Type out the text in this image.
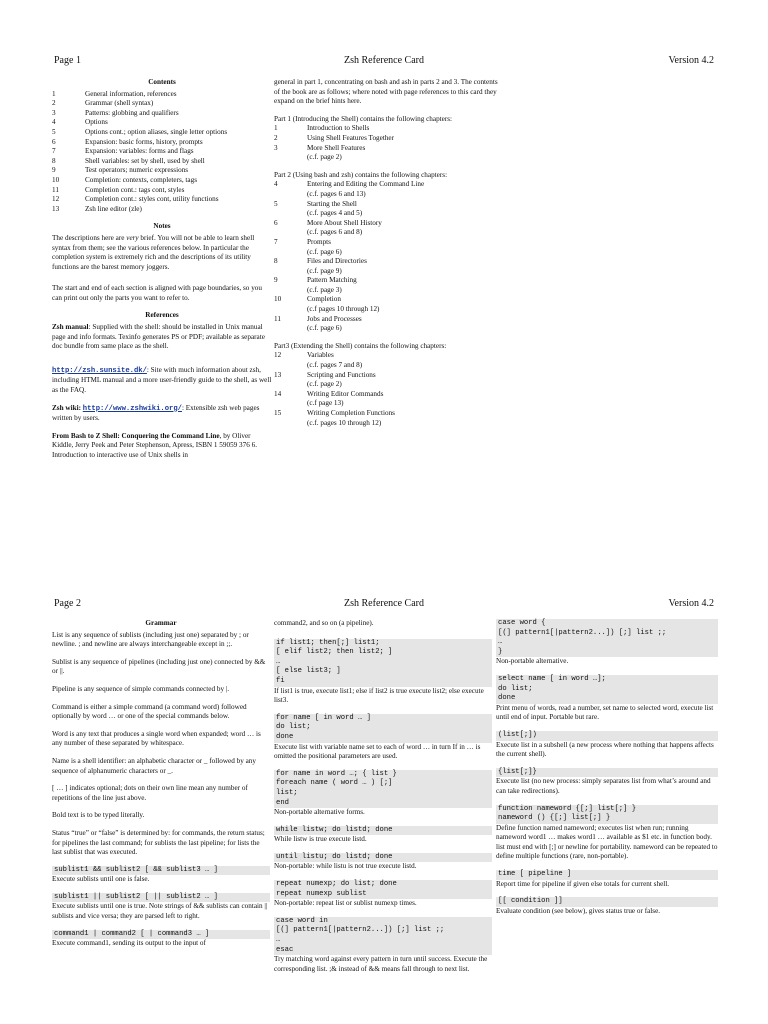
Page 1	Zsh Reference Card	Version 4.2
Contents
1	General information, references
2	Grammar (shell syntax)
3	Patterns: globbing and qualifiers
4	Options
5	Options cont.; option aliases, single letter options
6	Expansion: basic forms, history, prompts
7	Expansion: variables: forms and flags
8	Shell variables: set by shell, used by shell
9	Test operators; numeric expressions
10	Completion: contexts, completers, tags
11	Completion cont.: tags cont, styles
12	Completion cont.: styles cont, utility functions
13	Zsh line editor (zle)
Notes

The descriptions here are very brief. You will not be able to learn shell syntax from them; see the various references below. In particular the completion system is extremely rich and the descriptions of its utility functions are the barest memory joggers.

The start and end of each section is aligned with page boundaries, so you can print out only the parts you want to refer to.

References

Zsh manual: Supplied with the shell: should be installed in Unix manual page and info formats. Texinfo generates PS or PDF; available as separate doc bundle from same place as the shell.

http://zsh.sunsite.dk/: Site with much information about zsh, including HTML manual and a more user-friendly guide to the shell, as well as the FAQ.

Zsh wiki: http://www.zshwiki.org/: Extensible zsh web pages written by users.

From Bash to Z Shell: Conquering the Command Line, by Oliver Kiddle, Jerry Peek and Peter Stephenson, Apress, ISBN 1 59059 376 6. Introduction to interactive use of Unix shells in

general in part 1, concentrating on bash and ash in parts 2 and 3. The contents of the book are as follows; where noted with page references to this card they expand on the brief hints here.

Part 1 (Introducing the Shell) contains the following chapters:
1	Introduction to Shells
2	Using Shell Features Together
3	More Shell Features
(c.f. page 2)
Part 2 (Using bash and zsh) contains the following chapters:
4	Entering and Editing the Command Line
(c.f. pages 6 and 13)
5	Starting the Shell
(c.f. pages 4 and 5)
6	More About Shell History
(c.f. pages 6 and 8)
7	Prompts
(c.f. page 6)
8	Files and Directories
(c.f. page 9)
9	Pattern Matching
(c.f. page 3)
10	Completion
(c.f pages 10 through 12)
11	Jobs and Processes
(c.f. page 6)
Part3 (Extending the Shell) contains the following chapters:
12	Variables
(c.f. pages 7 and 8)
13	Scripting and Functions
(c.f. page 2)
14	Writing Editor Commands
(c.f page 13)
15	Writing Completion Functions
(c.f. pages 10 through 12)
Page 2	Zsh Reference Card	Version 4.2
Grammar

List is any sequence of sublists (including just one) separated by ; or newline. ; and newline are always interchangeable except in ;;.

Sublist is any sequence of pipelines (including just one) connected by && or ||.

Pipeline is any sequence of simple commands connected by |.

Command is either a simple command (a command word) followed optionally by word … or one of the special commands below.

Word is any text that produces a single word when expanded; word … is any number of these separated by whitespace.

Name is a shell identifier: an alphabetic character or _ followed by any sequence of alphanumeric characters or _.

[ … ] indicates optional; dots on their own line mean any number of repetitions of the line just above.

Bold text is to be typed literally.

Status “true” or “false” is determined by: for commands, the return status; for pipelines the last command; for sublists the last pipeline; for lists the last sublist that was executed.

sublist1 && sublist2 [ && sublist3 … ]

Execute sublists until one is false.

sublist1 || sublist2 [ || sublist2 … ]

Execute sublists until one is true. Note strings of && sublists can contain || sublists and vice versa; they are parsed left to right.

command1 | command2 [ | command3 … ]
Execute command1, sending its output to the input of

command2, and so on (a pipeline).

if list1; then[;] list1;
[ elif list2; then list2; ]
…
[ else list3; ]
fi

If list1 is true, execute list1; else if list2 is true execute list2; else execute list3.

for name [ in word … ]
do list;
done

Execute list with variable name set to each of word … in turn If in … is omitted the positional parameters are used.

for name in word …; { list }
foreach name ( word … ) [;]
list;
end

Non-portable alternative forms.

while listw; do listd; done

While listw is true execute listd.

until listu; do listd; done

Non-portable: while listu is not true execute listd.

repeat numexp; do list; done
repeat numexp sublist

Non-portable: repeat list or sublist numexp times.

case word in
[(] pattern1[|pattern2...]) [;] list ;;
…
esac
Try matching word against every pattern in turn until success. Execute the corresponding list. ;& instead of && means fall through to next list.
case word {
[(] pattern1[|pattern2...]) [;] list ;;
…
}

Non-portable alternative.

select name [ in word …];
do list;
done

Print menu of words, read a number, set name to selected word, execute list until end of input. Portable but rare.

(list[;])

Execute list in a subshell (a new process where nothing that happens affects the current shell).

{list[;]}

Execute list (no new process: simply separates list from what’s around and can take redirections).

function nameword {[;] list[;] }
nameword () {[;] list[;] }

Define function named nameword; executes list when run; running nameword word1 … makes word1 … available as $1 etc. in function body. list must end with [;] or newline for portability. nameword can be repeated to define multiple functions (rare, non-portable).

time [ pipeline ]

Report time for pipeline if given else totals for current shell.

[[ condition ]]
Evaluate condition (see below), gives status true or false.
